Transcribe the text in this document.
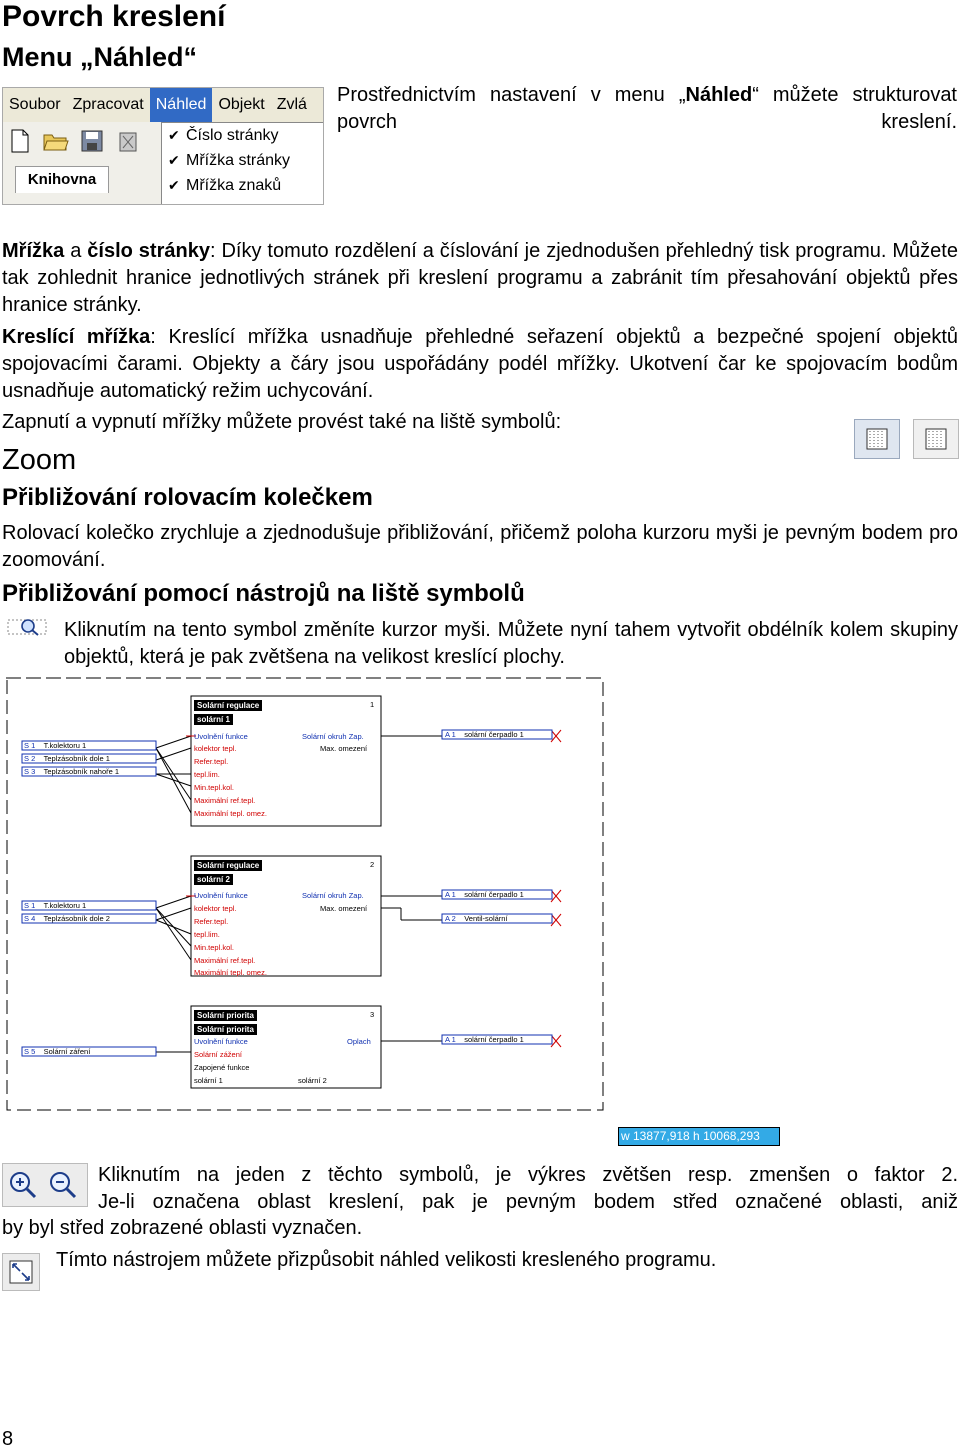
Povrch kreslení
Menu „Náhled“
Soubor Zpracovat Náhled Objekt Zvlá
Knihovna
✔ Číslo stránky
✔ Mřížka stránky
✔ Mřížka znaků
Prostřednictvím nastavení v menu „Náhled“ můžete strukturovat povrch kreslení.
Mřížka a číslo stránky: Díky tomuto rozdělení a číslování je zjednodušen přehledný tisk programu. Můžete tak zohlednit hranice jednotlivých stránek při kreslení programu a zabránit tím přesahování objektů přes hranice stránky.
Kreslící mřížka: Kreslící mřížka usnadňuje přehledné seřazení objektů a bezpečné spojení objektů spojovacími čarami. Objekty a čáry jsou uspořádány podél mřížky. Ukotvení čar ke spojovacím bodům usnadňuje automatický režim uchycování.
Zapnutí a vypnutí mřížky můžete provést také na liště symbolů:
Zoom
Přibližování rolovacím kolečkem
Rolovací kolečko zrychluje a zjednodušuje přibližování, přičemž poloha kurzoru myši je pevným bodem pro zoomování.
Přibližování pomocí nástrojů na liště symbolů
Kliknutím na tento symbol změníte kurzor myši. Můžete nyní tahem vytvořit obdélník kolem skupiny objektů, která je pak zvětšena na velikost kreslící plochy.
Solární regulace
solární 1
1
Uvolnění funkce
kolektor tepl.
Refer.tepl.
tepl.lim.
Min.tepl.kol.
Maximální ref.tepl.
Maximální tepl. omez.
Solární okruh Zap.
Max. omezení
S 1 T.kolektoru 1
S 2 Teplzásobník dole 1
S 3 Teplzásobník nahoře 1
A 1 solární čerpadlo 1
Solární regulace
solární 2
2
Uvolnění funkce
kolektor tepl.
Refer.tepl.
tepl.lim.
Min.tepl.kol.
Maximální ref.tepl.
Maximální tepl. omez.
Solární okruh Zap.
Max. omezení
S 1 T.kolektoru 1
S 4 Teplzásobník dole 2
A 1 solární čerpadlo 1
A 2 Ventil-solární
Solární priorita
Solární priorita
3
Uvolnění funkce
Solární zážení
Zapojené funkce
solární 1	solární 2
Oplach
S 5 Solární záření
A 1 solární čerpadlo 1
w 13877,918 h 10068,293
Kliknutím na jeden z těchto symbolů, je výkres zvětšen resp. zmenšen o faktor 2.
Je-li označena oblast kreslení, pak je pevným bodem střed označené oblasti, aniž
by byl střed zobrazené oblasti vyznačen.
Tímto nástrojem můžete přizpůsobit náhled velikosti kresleného programu.
8
